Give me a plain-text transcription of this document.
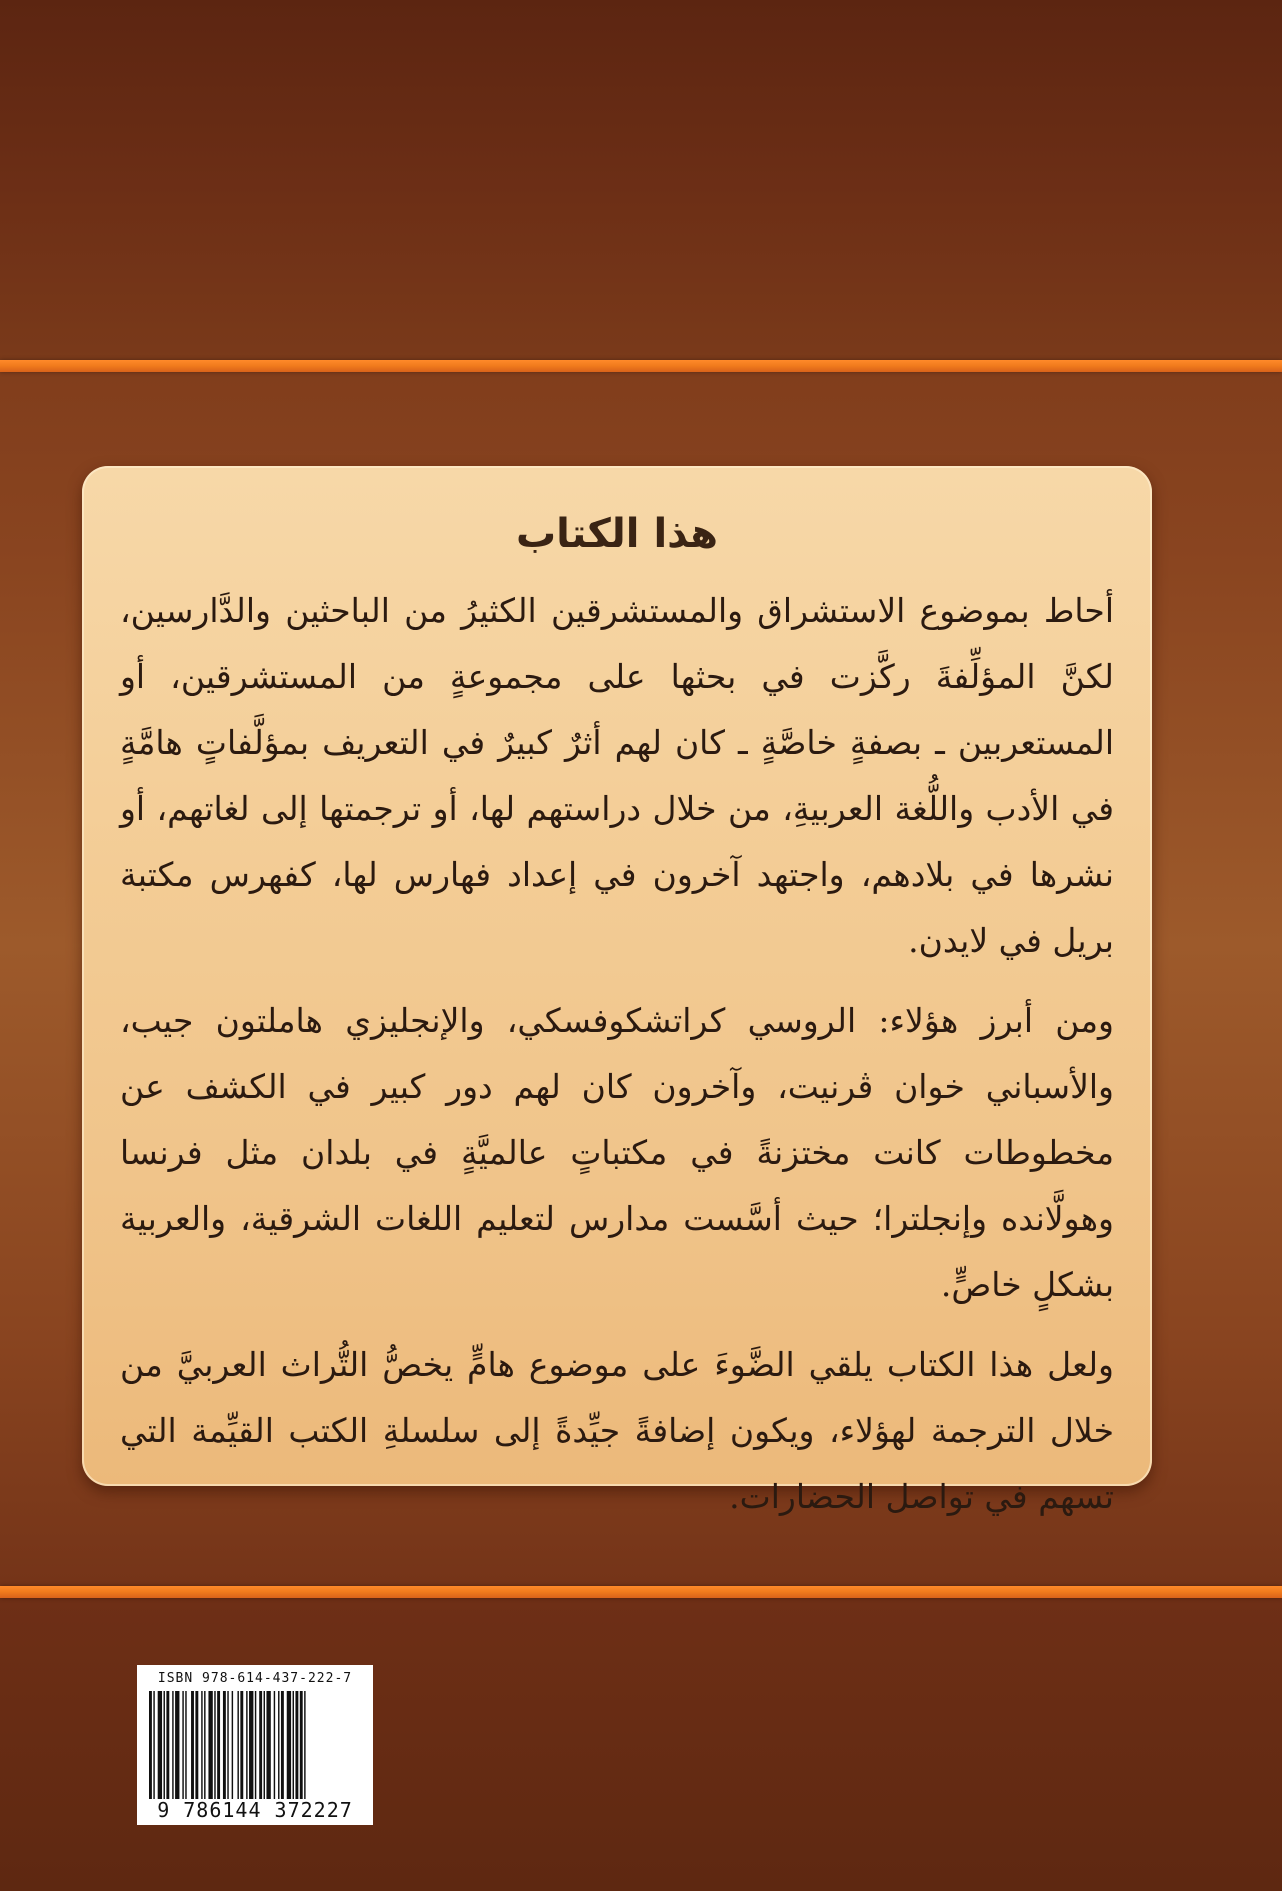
هذا الكتاب

أحاط بموضوع الاستشراق والمستشرقين الكثيرُ من الباحثين والدَّارسين، لكنَّ المؤلِّفةَ ركَّزت في بحثها على مجموعةٍ من المستشرقين، أو المستعربين ـ بصفةٍ خاصَّةٍ ـ كان لهم أثرٌ كبيرٌ في التعريف بمؤلَّفاتٍ هامَّةٍ في الأدب واللُّغة العربيةِ، من خلال دراستهم لها، أو ترجمتها إلى لغاتهم، أو نشرها في بلادهم، واجتهد آخرون في إعداد فهارس لها، كفهرس مكتبة بريل في لايدن.

ومن أبرز هؤلاء: الروسي كراتشكوفسكي، والإنجليزي هاملتون جيب، والأسباني خوان ڤرنيت، وآخرون كان لهم دور كبير في الكشف عن مخطوطات كانت مختزنةً في مكتباتٍ عالميَّةٍ في بلدان مثل فرنسا وهولَّانده وإنجلترا؛ حيث أسَّست مدارس لتعليم اللغات الشرقية، والعربية بشكلٍ خاصٍّ.

ولعل هذا الكتاب يلقي الضَّوءَ على موضوع هامٍّ يخصُّ التُّراث العربيَّ من خلال الترجمة لهؤلاء، ويكون إضافةً جيِّدةً إلى سلسلةِ الكتب القيِّمة التي تسهم في تواصل الحضارات.

ISBN 978-614-437-222-7
9 786144 372227
